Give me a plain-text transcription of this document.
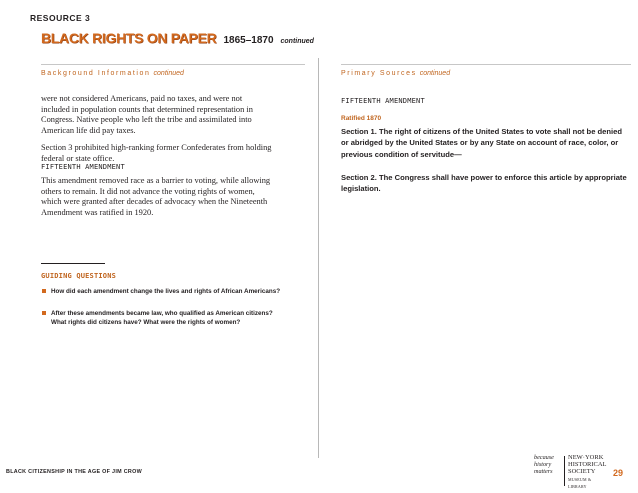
RESOURCE 3
BLACK RIGHTS ON PAPER 1865–1870 continued
Background Information continued
were not considered Americans, paid no taxes, and were not included in population counts that determined representation in Congress. Native people who left the tribe and assimilated into American life did pay taxes.
Section 3 prohibited high-ranking former Confederates from holding federal or state office.
FIFTEENTH AMENDMENT
This amendment removed race as a barrier to voting, while allowing others to remain. It did not advance the voting rights of women, which were granted after decades of advocacy when the Nineteenth Amendment was ratified in 1920.
GUIDING QUESTIONS
How did each amendment change the lives and rights of African Americans?
After these amendments became law, who qualified as American citizens? What rights did citizens have? What were the rights of women?
Primary Sources continued
FIFTEENTH AMENDMENT
Ratified 1870
Section 1. The right of citizens of the United States to vote shall not be denied or abridged by the United States or by any State on account of race, color, or previous condition of servitude—
Section 2. The Congress shall have power to enforce this article by appropriate legislation.
BLACK CITIZENSHIP IN THE AGE OF JIM CROW
because
history
matters
NEW·YORK
HISTORICAL
SOCIETY
MUSEUM & LIBRARY
29
